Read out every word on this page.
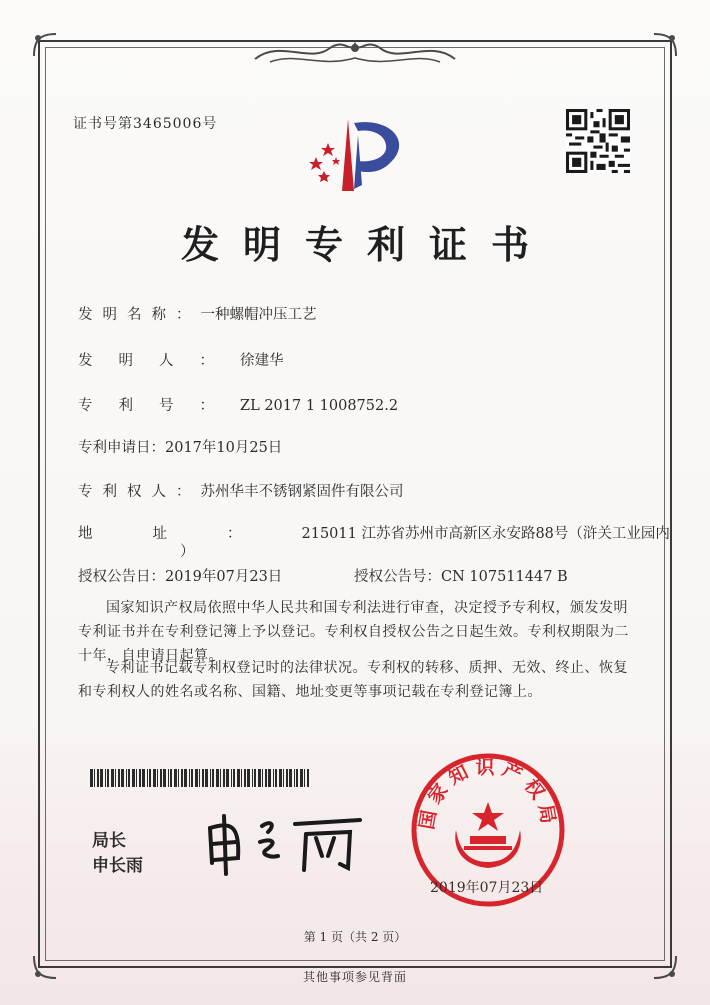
证书号第3465006号
发明专利证书
发明名称：一种螺帽冲压工艺
发明人：徐建华
专利号：ZL 2017 1 1008752.2
专利申请日：2017年10月25日
专利权人：苏州华丰不锈钢紧固件有限公司
地址：215011 江苏省苏州市高新区永安路88号（浒关工业园内
）
授权公告日：2019年07月23日	授权公告号：CN 107511447 B
国家知识产权局依照中华人民共和国专利法进行审查，决定授予专利权，颁发发明专利证书并在专利登记簿上予以登记。专利权自授权公告之日起生效。专利权期限为二十年，自申请日起算。
专利证书记载专利权登记时的法律状况。专利权的转移、质押、无效、终止、恢复和专利权人的姓名或名称、国籍、地址变更等事项记载在专利登记簿上。
局长
申长雨
国家知识产权局
2019年07月23日
第 1 页（共 2 页）
其他事项参见背面
